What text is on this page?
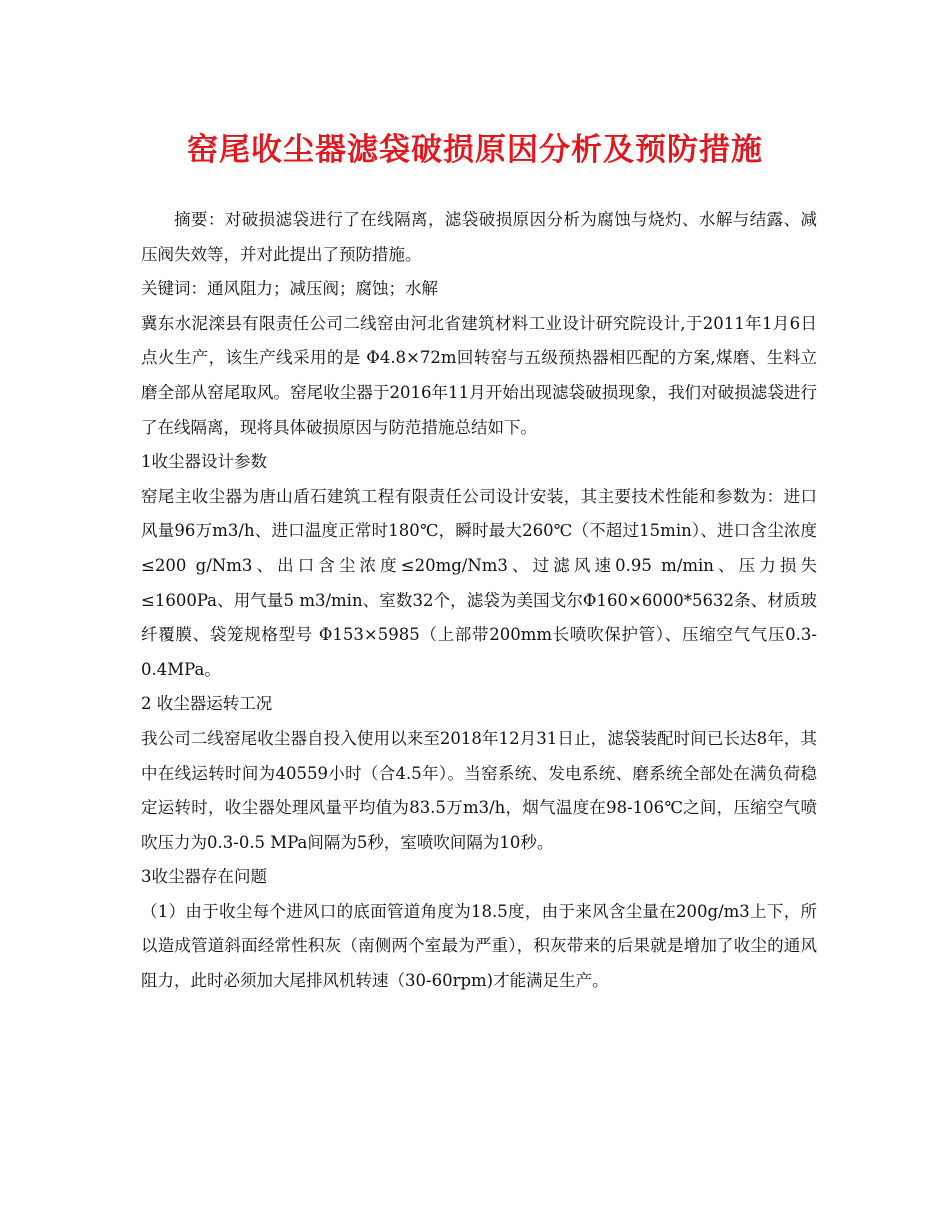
窑尾收尘器滤袋破损原因分析及预防措施

摘要：对破损滤袋进行了在线隔离，滤袋破损原因分析为腐蚀与烧灼、水解与结露、减压阀失效等，并对此提出了预防措施。

关键词：通风阻力；减压阀；腐蚀；水解

冀东水泥滦县有限责任公司二线窑由河北省建筑材料工业设计研究院设计,于2011年1月6日点火生产，该生产线采用的是 Φ4.8×72m回转窑与五级预热器相匹配的方案,煤磨、生料立磨全部从窑尾取风。窑尾收尘器于2016年11月开始出现滤袋破损现象，我们对破损滤袋进行了在线隔离，现将具体破损原因与防范措施总结如下。

1收尘器设计参数

窑尾主收尘器为唐山盾石建筑工程有限责任公司设计安装，其主要技术性能和参数为：进口风量96万m3/h、进口温度正常时180℃，瞬时最大260℃（不超过15min）、进口含尘浓度≤200 g/Nm3、出口含尘浓度≤20mg/Nm3、过滤风速0.95 m/min、压力损失≤1600Pa、用气量5 m3/min、室数32个，滤袋为美国戈尔Φ160×6000*5632条、材质玻纤覆膜、袋笼规格型号 Φ153×5985（上部带200mm长喷吹保护管）、压缩空气气压0.3-0.4MPa。

2 收尘器运转工况

我公司二线窑尾收尘器自投入使用以来至2018年12月31日止，滤袋装配时间已长达8年，其中在线运转时间为40559小时（合4.5年）。当窑系统、发电系统、磨系统全部处在满负荷稳定运转时，收尘器处理风量平均值为83.5万m3/h，烟气温度在98-106℃之间，压缩空气喷吹压力为0.3-0.5 MPa间隔为5秒，室喷吹间隔为10秒。

3收尘器存在问题

（1）由于收尘每个进风口的底面管道角度为18.5度，由于来风含尘量在200g/m3上下，所以造成管道斜面经常性积灰（南侧两个室最为严重），积灰带来的后果就是增加了收尘的通风阻力，此时必须加大尾排风机转速（30-60rpm)才能满足生产。
